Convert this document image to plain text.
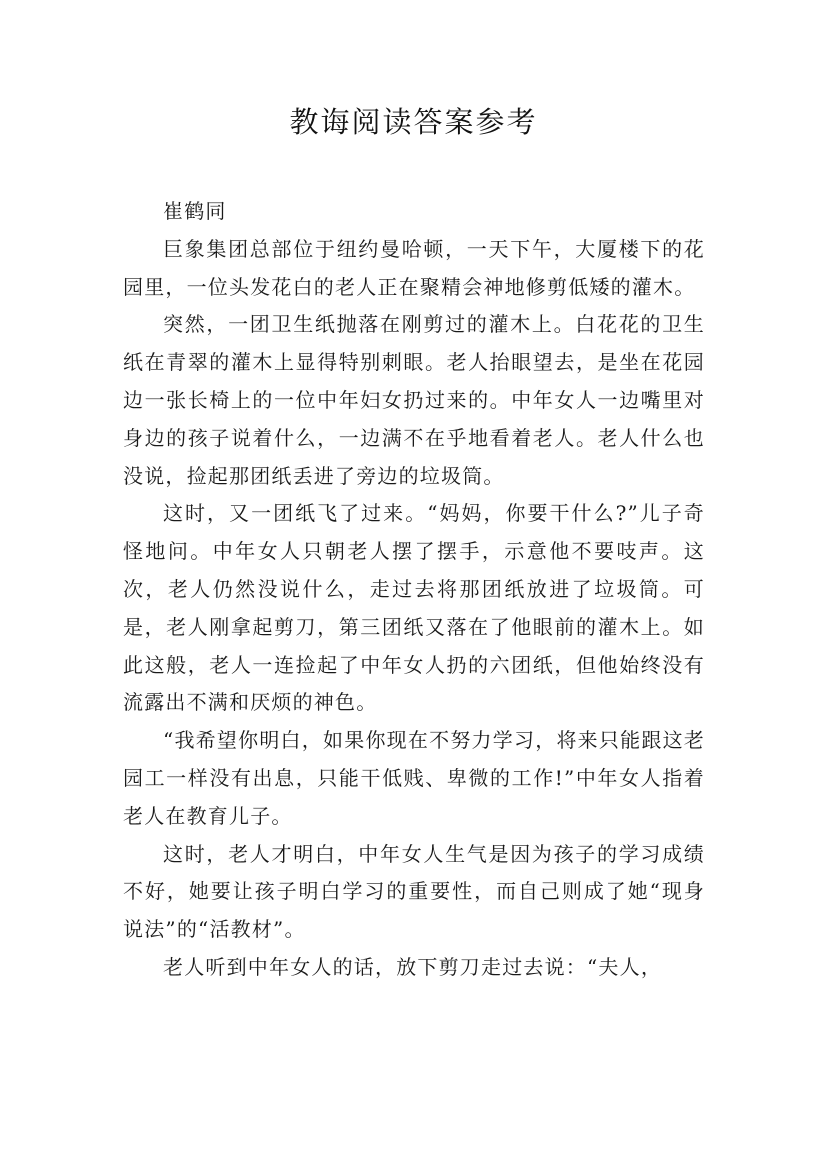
教诲阅读答案参考

崔鹤同

巨象集团总部位于纽约曼哈顿，一天下午，大厦楼下的花园里，一位头发花白的老人正在聚精会神地修剪低矮的灌木。

突然，一团卫生纸抛落在刚剪过的灌木上。白花花的卫生纸在青翠的灌木上显得特别刺眼。老人抬眼望去，是坐在花园边一张长椅上的一位中年妇女扔过来的。中年女人一边嘴里对身边的孩子说着什么，一边满不在乎地看着老人。老人什么也没说，捡起那团纸丢进了旁边的垃圾筒。

这时，又一团纸飞了过来。“妈妈，你要干什么?”儿子奇怪地问。中年女人只朝老人摆了摆手，示意他不要吱声。这次，老人仍然没说什么，走过去将那团纸放进了垃圾筒。可是，老人刚拿起剪刀，第三团纸又落在了他眼前的灌木上。如此这般，老人一连捡起了中年女人扔的六团纸，但他始终没有流露出不满和厌烦的神色。

“我希望你明白，如果你现在不努力学习，将来只能跟这老园工一样没有出息，只能干低贱、卑微的工作!”中年女人指着老人在教育儿子。

这时，老人才明白，中年女人生气是因为孩子的学习成绩不好，她要让孩子明白学习的重要性，而自己则成了她“现身说法”的“活教材”。

老人听到中年女人的话，放下剪刀走过去说：“夫人，
